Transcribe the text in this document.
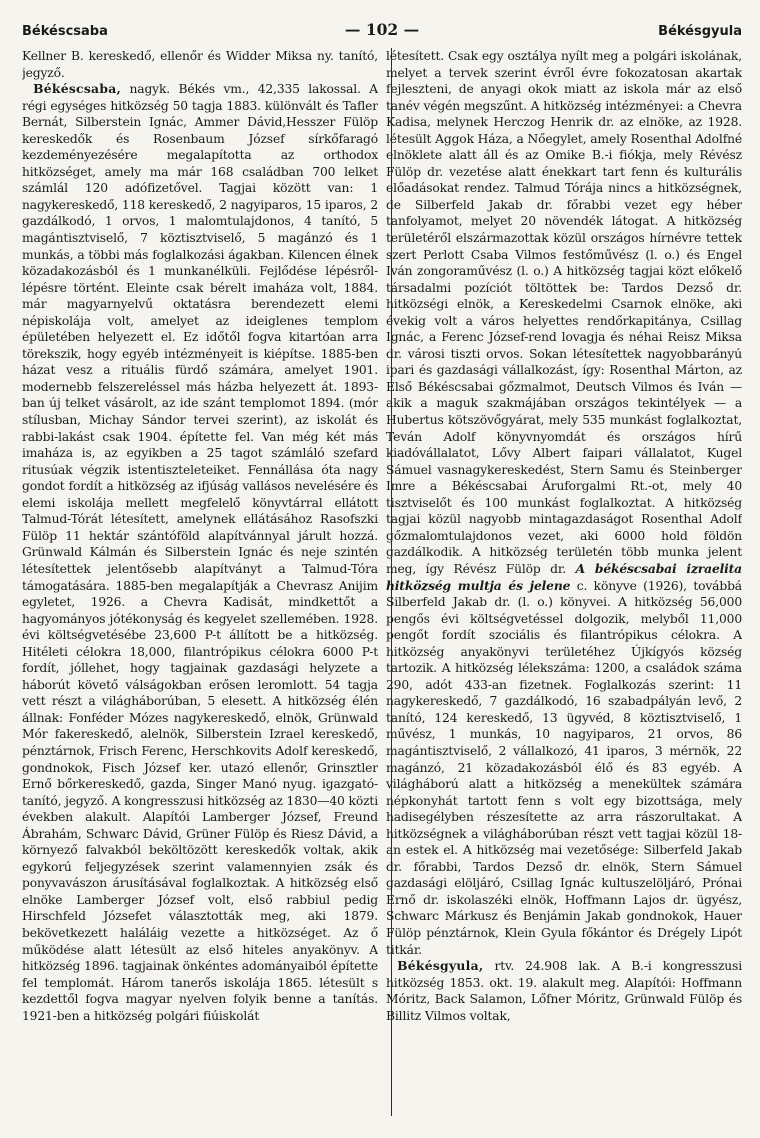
Békéscsaba	— 102 —	Békésgyula

Kellner B. kereskedő, ellenőr és Widder Miksa ny. tanító, jegyző.

Békéscsaba, nagyk. Békés vm., 42,335 lakossal. A régi egységes hitközség 50 tagja 1883. különvált és Tafler Bernát, Silberstein Ignác, Ammer Dávid,Hesszer Fülöp kereskedők és Rosenbaum József sírkőfaragó kezdeményezésére megalapította az orthodox hitközséget, amely ma már 168 családban 700 lelket számlál 120 adófizetővel. Tagjai között van: 1 nagykereskedő, 118 kereskedő, 2 nagyiparos, 15 iparos, 2 gazdálkodó, 1 orvos, 1 malomtulajdonos, 4 tanító, 5 magántisztviselő, 7 köztisztviselő, 5 magánzó és 1 munkás, a többi más foglalkozási ágakban. Kilencen élnek közadakozásból és 1 munkanélküli. Fejlődése lépésről-lépésre történt. Eleinte csak bérelt imaháza volt, 1884. már magyarnyelvű oktatásra berendezett elemi népiskolája volt, amelyet az ideiglenes templom épületében helyezett el. Ez időtől fogva kitartóan arra törekszik, hogy egyéb intézményeit is kiépítse. 1885-ben házat vesz a rituális fürdő számára, amelyet 1901. modernebb felszereléssel más házba helyezett át. 1893-ban új telket vásárolt, az ide szánt templomot 1894. (mór stílusban, Michay Sándor tervei szerint), az iskolát és rabbi-lakást csak 1904. építette fel. Van még két más imaháza is, az egyikben a 25 tagot számláló szefard ritusúak végzik istentiszteleteiket. Fennállása óta nagy gondot fordít a hitközség az ifjúság vallásos nevelésére és elemi iskolája mellett megfelelő könyvtárral ellátott Talmud-Tórát létesített, amelynek ellátásához Rasofszki Fülöp 11 hektár szántóföld alapítvánnyal járult hozzá. Grünwald Kálmán és Silberstein Ignác és neje szintén létesítettek jelentősebb alapítványt a Talmud-Tóra támogatására. 1885-ben megalapítják a Chevrasz Anijim egyletet, 1926. a Chevra Kadisát, mindkettőt a hagyományos jótékonyság és kegyelet szellemében. 1928. évi költségvetésébe 23,600 P-t állított be a hitközség. Hitéleti célokra 18,000, filantrópikus célokra 6000 P-t fordít, jóllehet, hogy tagjainak gazdasági helyzete a háborút követő válságokban erősen leromlott. 54 tagja vett részt a világháborúban, 5 elesett. A hitközség élén állnak: Fonféder Mózes nagykereskedő, elnök, Grünwald Mór fakereskedő, alelnök, Silberstein Izrael kereskedő, pénztárnok, Frisch Ferenc, Herschkovits Adolf kereskedő, gondnokok, Fisch József ker. utazó ellenőr, Grinsztler Ernő bőrkereskedő, gazda, Singer Manó nyug. igazgató-tanító, jegyző. A kongresszusi hitközség az 1830—40 közti években alakult. Alapítói Lamberger József, Freund Ábrahám, Schwarc Dávid, Grüner Fülöp és Riesz Dávid, a környező falvakból beköltözött kereskedők voltak, akik egykorú feljegyzések szerint valamennyien zsák és ponyvavászon árusításával foglalkoztak. A hitközség első elnöke Lamberger József volt, első rabbiul pedig Hirschfeld Józsefet választották meg, aki 1879. bekövetkezett haláláig vezette a hitközséget. Az ő működése alatt létesült az első hiteles anyakönyv. A hitközség 1896. tagjainak önkéntes adományaiból építette fel templomát. Három tanerős iskolája 1865. létesült s kezdettől fogva magyar nyelven folyik benne a tanítás. 1921-ben a hitközség polgári fiúiskolát

létesített. Csak egy osztálya nyílt meg a polgári iskolának, melyet a tervek szerint évről évre fokozatosan akartak fejleszteni, de anyagi okok miatt az iskola már az első tanév végén megszűnt. A hitközség intézményei: a Chevra Kadisa, melynek Herczog Henrik dr. az elnöke, az 1928. létesült Aggok Háza, a Nőegylet, amely Rosenthal Adolfné elnöklete alatt áll és az Omike B.-i fiókja, mely Révész Fülöp dr. vezetése alatt énekkart tart fenn és kulturális előadásokat rendez. Talmud Tórája nincs a hitközségnek, de Silberfeld Jakab dr. főrabbi vezet egy héber tanfolyamot, melyet 20 növendék látogat. A hitközség területéről elszármazottak közül országos hírnévre tettek szert Perlott Csaba Vilmos festőművész (l. o.) és Engel Iván zongoraművész (l. o.) A hitközség tagjai közt előkelő társadalmi pozíciót töltöttek be: Tardos Dezső dr. hitközségi elnök, a Kereskedelmi Csarnok elnöke, aki évekig volt a város helyettes rendőrkapitánya, Csillag Ignác, a Ferenc József-rend lovagja és néhai Reisz Miksa dr. városi tiszti orvos. Sokan létesítettek nagyobbarányú ipari és gazdasági vállalkozást, így: Rosenthal Márton, az Első Békéscsabai gőzmalmot, Deutsch Vilmos és Iván — akik a maguk szakmájában országos tekintélyek — a Hubertus kötszövőgyárat, mely 535 munkást foglalkoztat, Teván Adolf könyvnyomdát és országos hírű kiadóvállalatot, Lővy Albert faipari vállalatot, Kugel Sámuel vasnagykereskedést, Stern Samu és Steinberger Imre a Békéscsabai Áruforgalmi Rt.-ot, mely 40 tisztviselőt és 100 munkást foglalkoztat. A hitközség tagjai közül nagyobb mintagazdaságot Rosenthal Adolf gőzmalomtulajdonos vezet, aki 6000 hold földön gazdálkodik. A hitközség területén több munka jelent meg, így Révész Fülöp dr. A békéscsabai izraelita hitközség multja és jelene c. könyve (1926), továbbá Silberfeld Jakab dr. (l. o.) könyvei. A hitközség 56,000 pengős évi költségvetéssel dolgozik, melyből 11,000 pengőt fordít szociális és filantrópikus célokra. A hitközség anyakönyvi területéhez Újkígyós község tartozik. A hitközség lélekszáma: 1200, a családok száma 290, adót 433-an fizetnek. Foglalkozás szerint: 11 nagykereskedő, 7 gazdálkodó, 16 szabadpályán levő, 2 tanító, 124 kereskedő, 13 ügyvéd, 8 köztisztviselő, 1 művész, 1 munkás, 10 nagyiparos, 21 orvos, 86 magántisztviselő, 2 vállalkozó, 41 iparos, 3 mérnök, 22 magánzó, 21 közadakozásból élő és 83 egyéb. A világháború alatt a hitközség a menekültek számára népkonyhát tartott fenn s volt egy bizottsága, mely hadisegélyben részesítette az arra rászorultakat. A hitközségnek a világháborúban részt vett tagjai közül 18-an estek el. A hitközség mai vezetősége: Silberfeld Jakab dr. főrabbi, Tardos Dezső dr. elnök, Stern Sámuel gazdasági elöljáró, Csillag Ignác kultuszelöljáró, Prónai Ernő dr. iskolaszéki elnök, Hoffmann Lajos dr. ügyész, Schwarc Márkusz és Benjámin Jakab gondnokok, Hauer Fülöp pénztárnok, Klein Gyula főkántor és Drégely Lipót titkár.

Békésgyula, rtv. 24.908 lak. A B.-i kongresszusi hitközség 1853. okt. 19. alakult meg. Alapítói: Hoffmann Móritz, Back Salamon, Lőfner Móritz, Grünwald Fülöp és Billitz Vilmos voltak,
